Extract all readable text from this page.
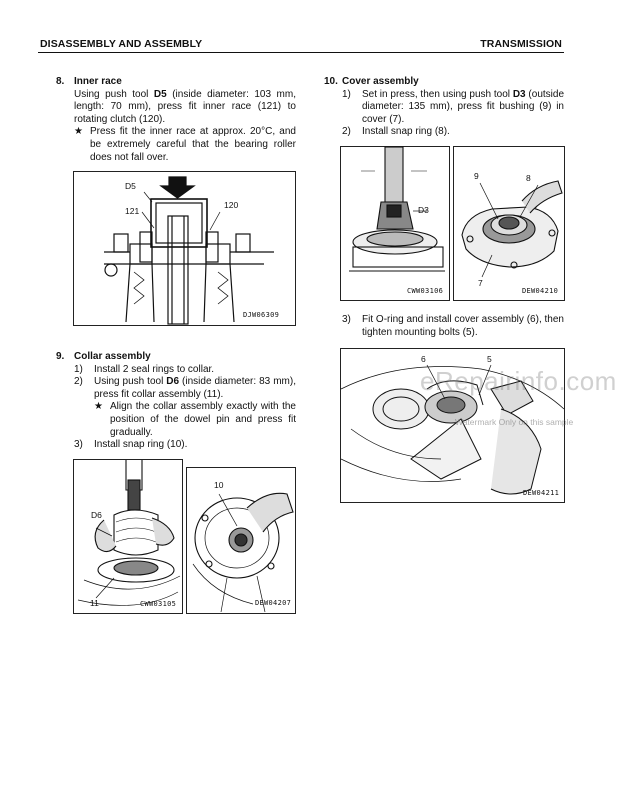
DISASSEMBLY AND ASSEMBLY	TRANSMISSION

8. Inner race

Using push tool D5 (inside diameter: 103 mm, length: 70 mm), press fit inner race (121) to rotating clutch (120).
★ Press fit the inner race at approx. 20°C, and be extremely careful that the bearing roller does not fall over.
D5
121
120
DJW06309

9. Collar assembly

1)	Install 2 seal rings to collar.
2)	Using push tool D6 (inside diameter: 83 mm), press fit collar assembly (11).
★ Align the collar assembly exactly with the position of the dowel pin and press fit gradually.
3)	Install snap ring (10).
D6
11	CWW03105
10
DEW04207

10. Cover assembly

1)	Set in press, then using push tool D3 (outside diameter: 135 mm), press fit bushing (9) in cover (7).
2)	Install snap ring (8).
D3
CWW03106
9	8
7
DEW04210
3)	Fit O-ring and install cover assembly (6), then tighten mounting bolts (5).
6	5
DEW04211
eRepairinfo.com
Watermark Only on this sample
